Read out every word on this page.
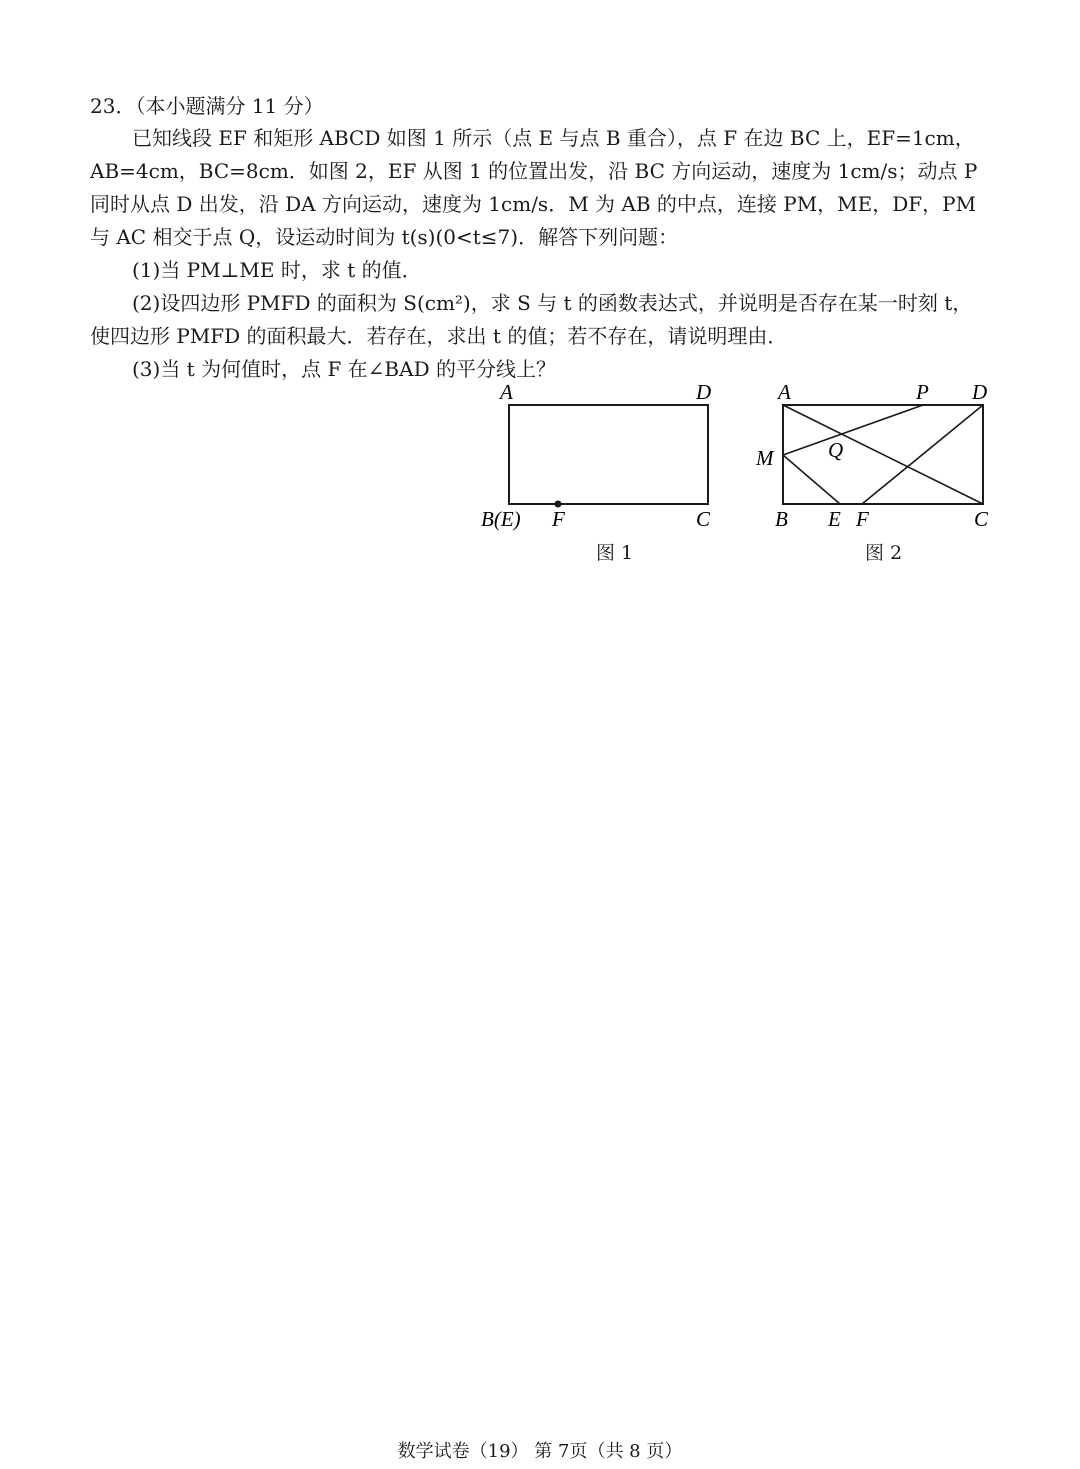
23．（本小题满分 11 分）
已知线段 EF 和矩形 ABCD 如图 1 所示（点 E 与点 B 重合），点 F 在边 BC 上，EF=1cm，
AB=4cm，BC=8cm．如图 2，EF 从图 1 的位置出发，沿 BC 方向运动，速度为 1cm/s；动点 P
同时从点 D 出发，沿 DA 方向运动，速度为 1cm/s．M 为 AB 的中点，连接 PM，ME，DF，PM
与 AC 相交于点 Q，设运动时间为 t(s)(0<t≤7)．解答下列问题：
(1)当 PM⊥ME 时，求 t 的值．
(2)设四边形 PMFD 的面积为 S(cm²)，求 S 与 t 的函数表达式，并说明是否存在某一时刻 t，
使四边形 PMFD 的面积最大．若存在，求出 t 的值；若不存在，请说明理由．
(3)当 t 为何值时，点 F 在∠BAD 的平分线上？
A	D
B(E) F	C
图 1
A	P D
M	Q
B E F	C
图 2
数学试卷（19） 第 7页（共 8 页）
